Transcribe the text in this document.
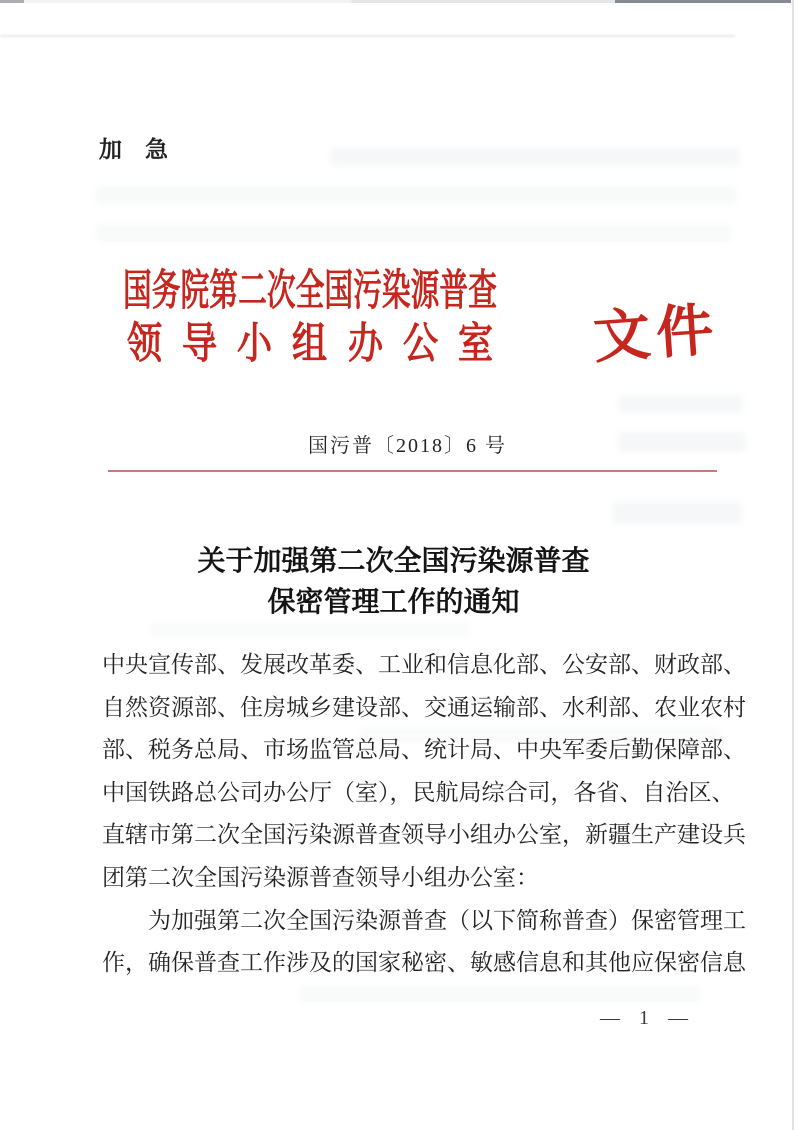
加　急
国务院第二次全国污染源普查
领 导 小 组 办 公 室 文件
国污普〔2018〕6 号
关于加强第二次全国污染源普查
保密管理工作的通知
中央宣传部、发展改革委、工业和信息化部、公安部、财政部、
自然资源部、住房城乡建设部、交通运输部、水利部、农业农村
部、税务总局、市场监管总局、统计局、中央军委后勤保障部、
中国铁路总公司办公厅（室），民航局综合司，各省、自治区、
直辖市第二次全国污染源普查领导小组办公室，新疆生产建设兵
团第二次全国污染源普查领导小组办公室：
为加强第二次全国污染源普查（以下简称普查）保密管理工
作，确保普查工作涉及的国家秘密、敏感信息和其他应保密信息
— 1 —
